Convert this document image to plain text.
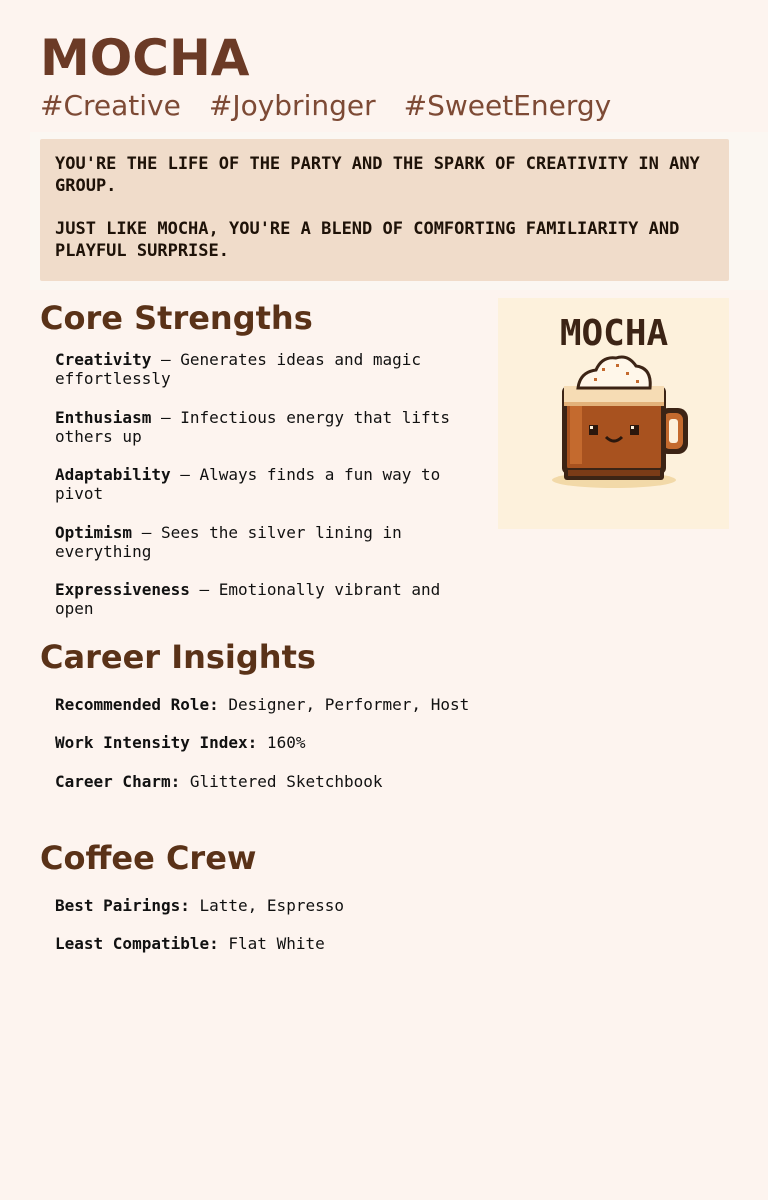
MOCHA
#Creative #Joybringer #SweetEnergy

YOU'RE THE LIFE OF THE PARTY AND THE SPARK OF CREATIVITY IN ANY GROUP.

JUST LIKE MOCHA, YOU'RE A BLEND OF COMFORTING FAMILIARITY AND PLAYFUL SURPRISE.

Core Strengths
Creativity – Generates ideas and magic effortlessly
Enthusiasm – Infectious energy that lifts others up
Adaptability – Always finds a fun way to pivot
Optimism – Sees the silver lining in everything
Expressiveness – Emotionally vibrant and open
MOCHA
Career Insights
Recommended Role: Designer, Performer, Host
Work Intensity Index: 160%
Career Charm: Glittered Sketchbook
Coffee Crew
Best Pairings: Latte, Espresso
Least Compatible: Flat White
